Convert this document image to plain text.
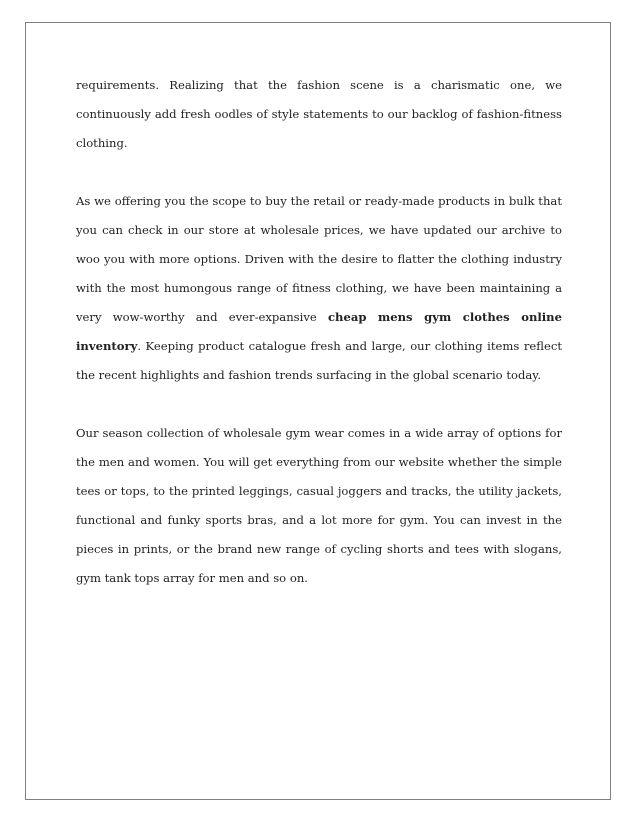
requirements. Realizing that the fashion scene is a charismatic one, we continuously add fresh oodles of style statements to our backlog of fashion-fitness clothing.

As we offering you the scope to buy the retail or ready-made products in bulk that you can check in our store at wholesale prices, we have updated our archive to woo you with more options. Driven with the desire to flatter the clothing industry with the most humongous range of fitness clothing, we have been maintaining a very wow-worthy and ever-expansive cheap mens gym clothes online inventory. Keeping product catalogue fresh and large, our clothing items reflect the recent highlights and fashion trends surfacing in the global scenario today.

Our season collection of wholesale gym wear comes in a wide array of options for the men and women. You will get everything from our website whether the simple tees or tops, to the printed leggings, casual joggers and tracks, the utility jackets, functional and funky sports bras, and a lot more for gym. You can invest in the pieces in prints, or the brand new range of cycling shorts and tees with slogans, gym tank tops array for men and so on.
